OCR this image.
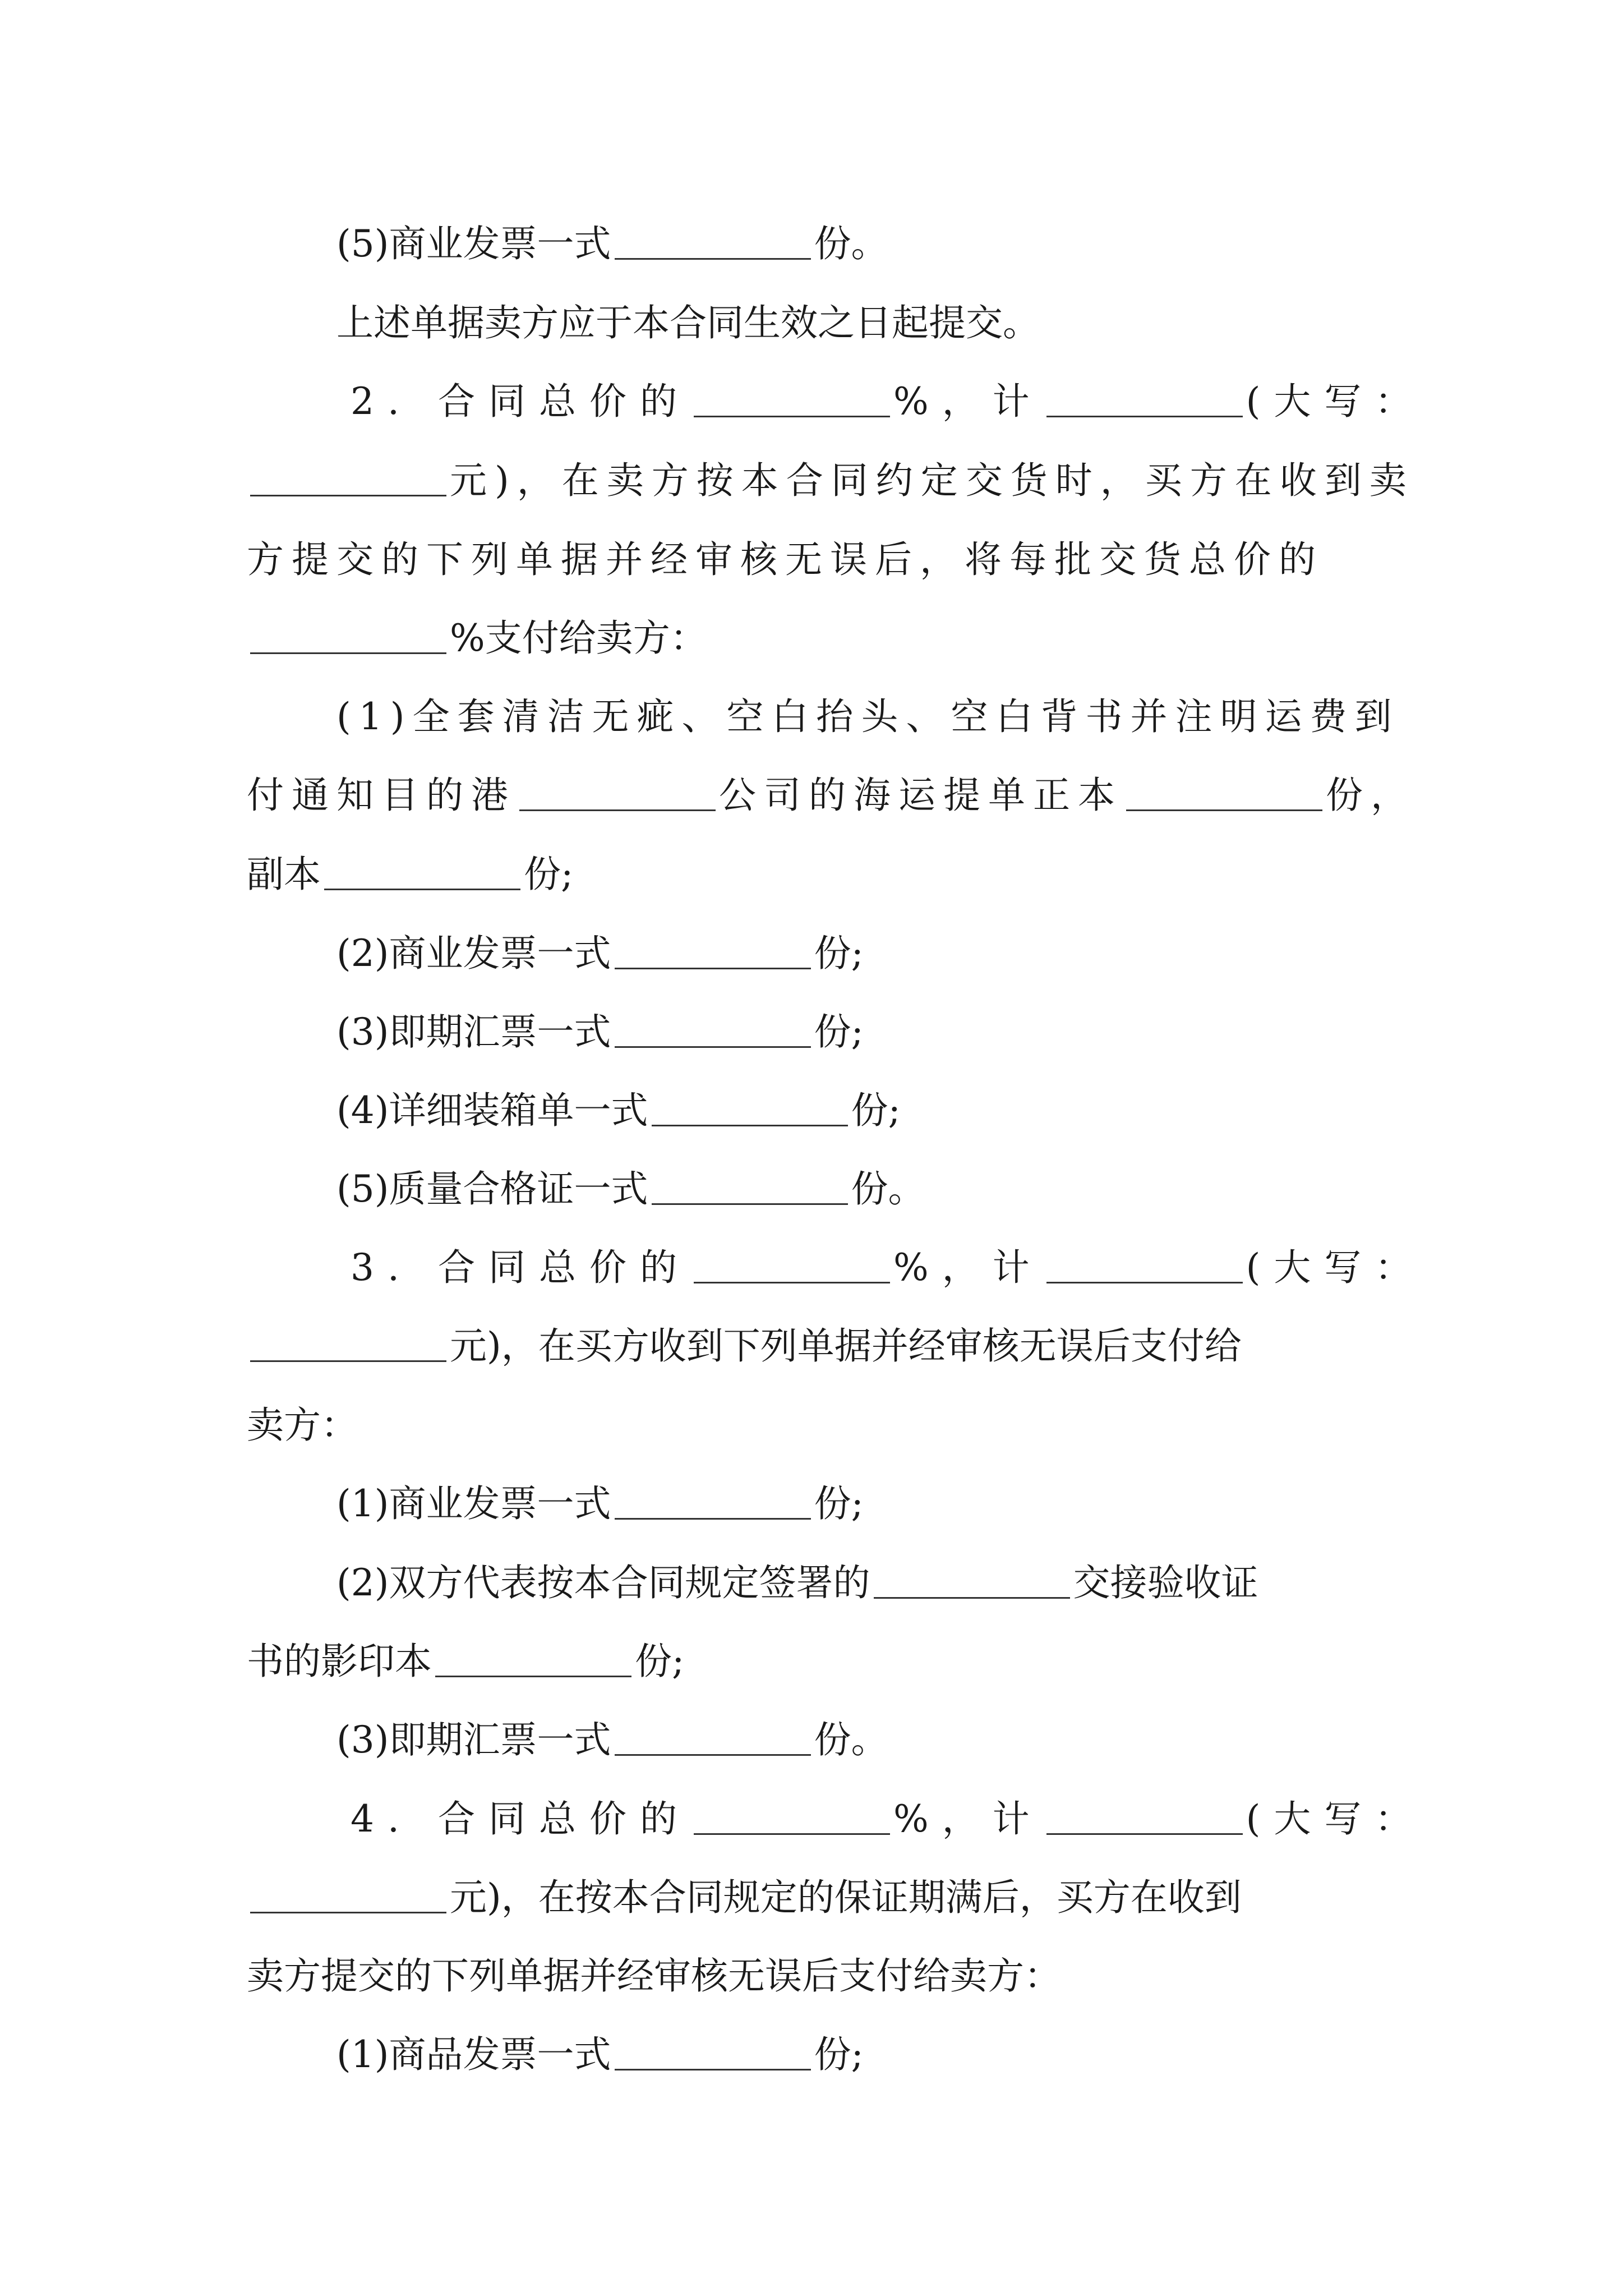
(5)商业发票一式	份。
上述单据卖方应于本合同生效之日起提交。
2. 合同总价的	%，计	(大写：
元)，在卖方按本合同约定交货时，买方在收到卖
方提交的下列单据并经审核无误后，将每批交货总价的
%支付给卖方：
(1)全套清洁无疵、空白抬头、空白背书并注明运费到
付通知目的港	公司的海运提单正本	份，
副本	份;
(2)商业发票一式	份;
(3)即期汇票一式	份;
(4)详细装箱单一式	份;
(5)质量合格证一式	份。
3. 合同总价的	%，计	(大写：
元)，在买方收到下列单据并经审核无误后支付给
卖方：
(1)商业发票一式	份;
(2)双方代表按本合同规定签署的	交接验收证
书的影印本	份;
(3)即期汇票一式	份。
4. 合同总价的	%，计	(大写：
元)，在按本合同规定的保证期满后，买方在收到
卖方提交的下列单据并经审核无误后支付给卖方：
(1)商品发票一式	份;
